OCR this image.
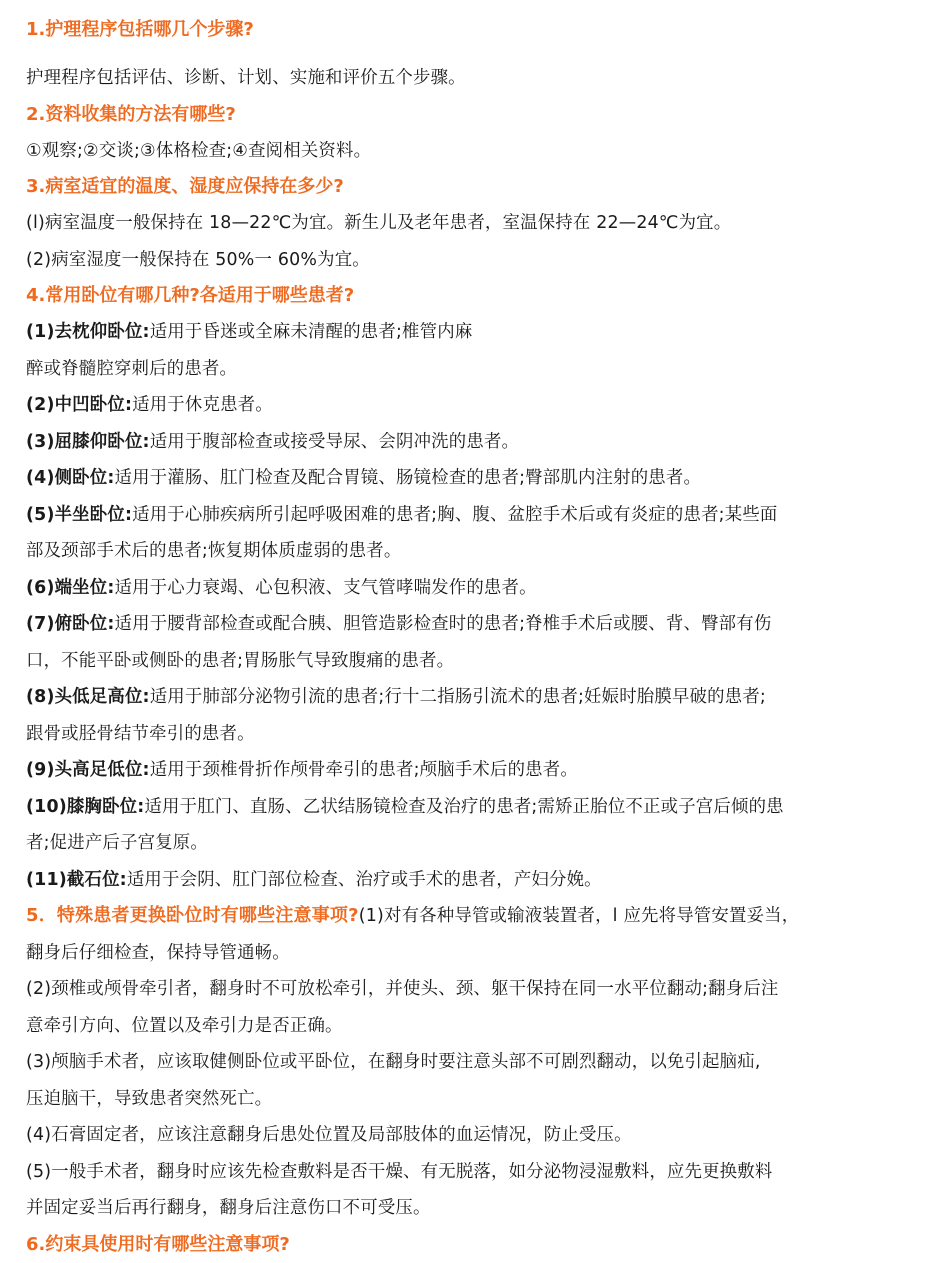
1.护理程序包括哪几个步骤?
护理程序包括评估、诊断、计划、实施和评价五个步骤。
2.资料收集的方法有哪些?
①观察;②交谈;③体格检查;④查阅相关资料。
3.病室适宜的温度、湿度应保持在多少?
(l)病室温度一般保持在 18—22℃为宜。新生儿及老年患者，室温保持在 22—24℃为宜。
(2)病室湿度一般保持在 50%一 60%为宜。
4.常用卧位有哪几种?各适用于哪些患者?
(1)去枕仰卧位:适用于昏迷或全麻未清醒的患者;椎管内麻
醉或脊髓腔穿刺后的患者。
(2)中凹卧位:适用于休克患者。
(3)屈膝仰卧位:适用于腹部检查或接受导尿、会阴冲洗的患者。
(4)侧卧位:适用于灌肠、肛门检查及配合胃镜、肠镜检查的患者;臀部肌内注射的患者。
(5)半坐卧位:适用于心肺疾病所引起呼吸困难的患者;胸、腹、盆腔手术后或有炎症的患者;某些面
部及颈部手术后的患者;恢复期体质虚弱的患者。
(6)端坐位:适用于心力衰竭、心包积液、支气管哮喘发作的患者。
(7)俯卧位:适用于腰背部检查或配合胰、胆管造影检查时的患者;脊椎手术后或腰、背、臀部有伤
口，不能平卧或侧卧的患者;胃肠胀气导致腹痛的患者。
(8)头低足高位:适用于肺部分泌物引流的患者;行十二指肠引流术的患者;妊娠时胎膜早破的患者;
跟骨或胫骨结节牵引的患者。
(9)头高足低位:适用于颈椎骨折作颅骨牵引的患者;颅脑手术后的患者。
(10)膝胸卧位:适用于肛门、直肠、乙状结肠镜检查及治疗的患者;需矫正胎位不正或子宫后倾的患
者;促进产后子宫复原。
(11)截石位:适用于会阴、肛门部位检查、治疗或手术的患者，产妇分娩。
5．特殊患者更换卧位时有哪些注意事项?(1)对有各种导管或输液装置者，l 应先将导管安置妥当，
翻身后仔细检查，保持导管通畅。
(2)颈椎或颅骨牵引者，翻身时不可放松牵引，并使头、颈、躯干保持在同一水平位翻动;翻身后注
意牵引方向、位置以及牵引力是否正确。
(3)颅脑手术者，应该取健侧卧位或平卧位，在翻身时要注意头部不可剧烈翻动，以免引起脑疝,
压迫脑干，导致患者突然死亡。
(4)石膏固定者，应该注意翻身后患处位置及局部肢体的血运情况，防止受压。
(5)一般手术者，翻身时应该先检查敷料是否干燥、有无脱落，如分泌物浸湿敷料，应先更换敷料
并固定妥当后再行翻身，翻身后注意伤口不可受压。
6.约束具使用时有哪些注意事项?
